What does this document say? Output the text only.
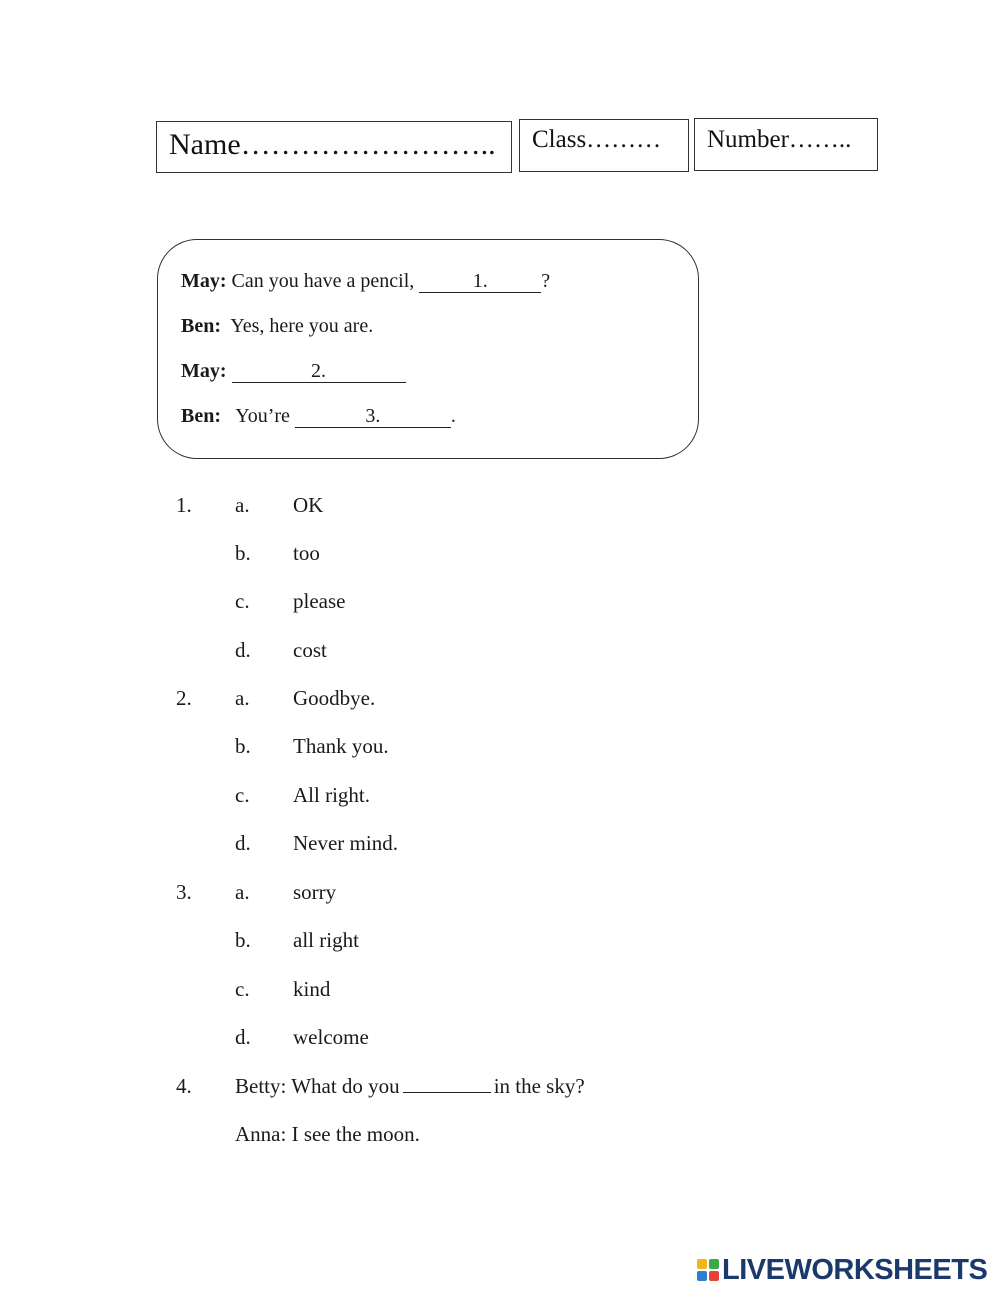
Name……………………..	Class………	Number……..
May: Can you have a pencil,	1.	?
Ben: Yes, here you are.
May:	2.
Ben: You’re	3.	.
1. a. OK
b. too
c. please
d. cost
2. a. Goodbye.
b. Thank you.
c. All right.
d. Never mind.
3. a. sorry
b. all right
c. kind
d. welcome
4. Betty: What do you	in the sky?
Anna: I see the moon.
LIVEWORKSHEETS
